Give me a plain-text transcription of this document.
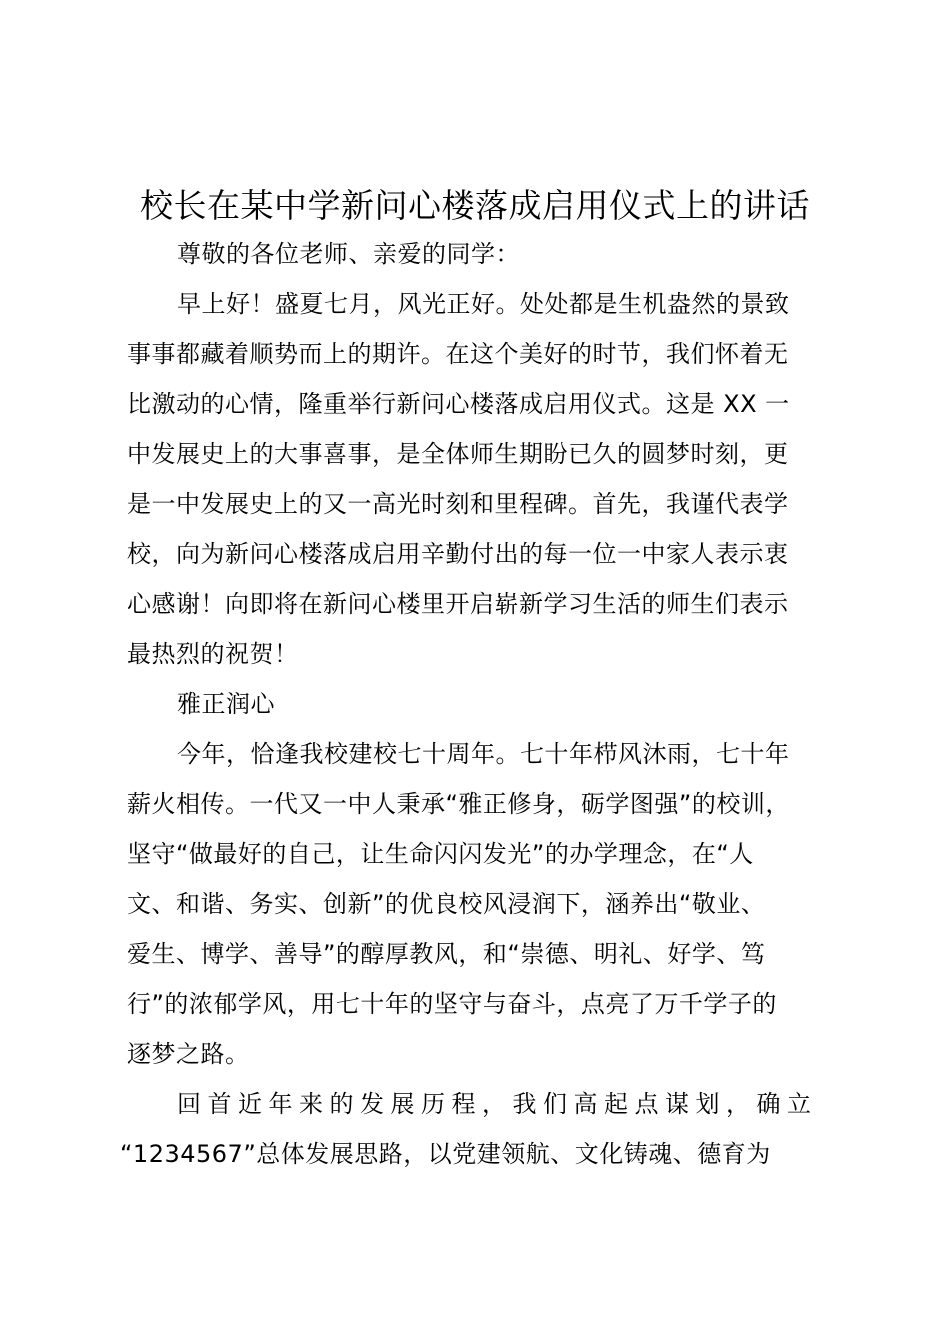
校长在某中学新问心楼落成启用仪式上的讲话
尊敬的各位老师、亲爱的同学：
早上好！盛夏七月，风光正好。处处都是生机盎然的景致
事事都藏着顺势而上的期许。在这个美好的时节，我们怀着无
比激动的心情，隆重举行新问心楼落成启用仪式。这是 XX 一
中发展史上的大事喜事，是全体师生期盼已久的圆梦时刻，更
是一中发展史上的又一高光时刻和里程碑。首先，我谨代表学
校，向为新问心楼落成启用辛勤付出的每一位一中家人表示衷
心感谢！向即将在新问心楼里开启崭新学习生活的师生们表示
最热烈的祝贺！
雅正润心
今年，恰逢我校建校七十周年。七十年栉风沐雨，七十年
薪火相传。一代又一中人秉承“雅正修身，砺学图强”的校训，
坚守“做最好的自己，让生命闪闪发光”的办学理念，在“人
文、和谐、务实、创新”的优良校风浸润下，涵养出“敬业、
爱生、博学、善导”的醇厚教风，和“崇德、明礼、好学、笃
行”的浓郁学风，用七十年的坚守与奋斗，点亮了万千学子的
逐梦之路。
回首近年来的发展历程，我们高起点谋划，确立
“1234567”总体发展思路，以党建领航、文化铸魂、德育为
